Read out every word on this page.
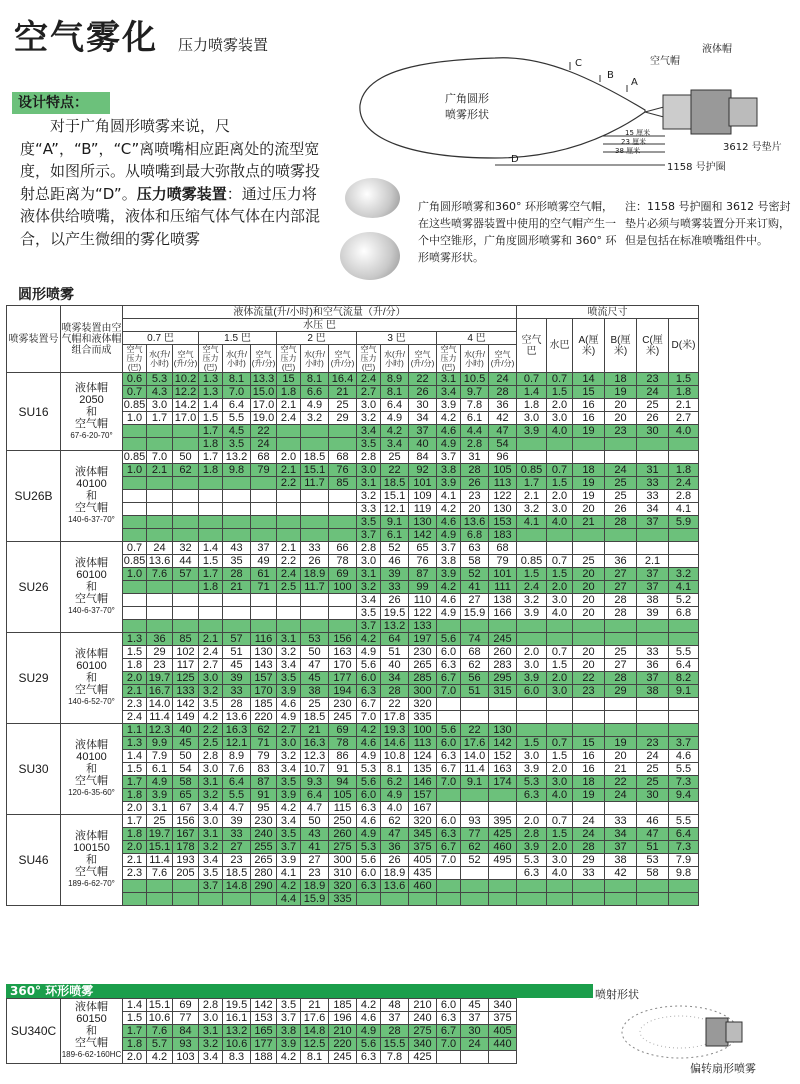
空气雾化 压力喷雾装置
设计特点：
对于广角圆形喷雾来说，尺度“A”，“B”，“C”离喷嘴相应距离处的流型宽度，如图所示。从喷嘴到最大弥散点的喷雾投射总距离为“D”。压力喷雾装置：通过压力将液体供给喷嘴，液体和压缩气体气体在内部混合，以产生微细的雾化喷雾
广角圆形
喷雾形状
C
B
A
D
15 厘米
23 厘米
38 厘米
空气帽
液体帽
3612 号垫片
1158 号护圈
广角圆形喷雾和360° 环形喷雾空气帽，在这些喷雾器装置中使用的空气帽产生一个中空锥形，广角度圆形喷雾和 360° 环形喷雾形状。
注：1158 号护圈和 3612 号密封垫片必须与喷雾装置分开来订购，但是包括在标准喷嘴组件中。
圆形喷雾
喷雾装置号	喷雾装置由空气帽和液体帽组合而成	液体流量(升/小时)和空气流量（升/分）															喷流尺寸					
		水压 巴															空气巴	水巴	A(厘米)	B(厘米)	C(厘米)	D(米)
		0.7 巴			1.5 巴			2 巴			3 巴			4 巴								
		空气压力(巴)	水(升/小时)	空气(升/分)	空气压力(巴)	水(升/小时)	空气(升/分)	空气压力(巴)	水(升/小时)	空气(升/分)	空气压力(巴)	水(升/小时)	空气(升/分)	空气压力(巴)	水(升/小时)	空气(升/分)						
SU16	液体帽
2050
和
空气帽
67-6-20-70°	0.6	5.3	10.2	1.3	8.1	13.3	15	8.1	16.4	2.4	8.9	22	3.1	10.5	24	0.7	0.7	14	18	23	1.5
		0.7	4.3	12.2	1.3	7.0	15.0	1.8	6.6	21	2.7	8.1	26	3.4	9.7	28	1.4	1.5	15	19	24	1.8
		0.85	3.0	14.2	1.4	6.4	17.0	2.1	4.9	25	3.0	6.4	30	3.9	7.8	36	1.8	2.0	16	20	25	2.1
		1.0	1.7	17.0	1.5	5.5	19.0	2.4	3.2	29	3.2	4.9	34	4.2	6.1	42	3.0	3.0	16	20	26	2.7
					1.7	4.5	22				3.4	4.2	37	4.6	4.4	47	3.9	4.0	19	23	30	4.0
					1.8	3.5	24				3.5	3.4	40	4.9	2.8	54						
SU26B	液体帽
40100
和
空气帽
140-6-37-70°	0.85	7.0	50	1.7	13.2	68	2.0	18.5	68	2.8	25	84	3.7	31	96						
		1.0	2.1	62	1.8	9.8	79	2.1	15.1	76	3.0	22	92	3.8	28	105	0.85	0.7	18	24	31	1.8
								2.2	11.7	85	3.1	18.5	101	3.9	26	113	1.7	1.5	19	25	33	2.4
											3.2	15.1	109	4.1	23	122	2.1	2.0	19	25	33	2.8
											3.3	12.1	119	4.2	20	130	3.2	3.0	20	26	34	4.1
											3.5	9.1	130	4.6	13.6	153	4.1	4.0	21	28	37	5.9
											3.7	6.1	142	4.9	6.8	183						
SU26	液体帽
60100
和
空气帽
140-6-37-70°	0.7	24	32	1.4	43	37	2.1	33	66	2.8	52	65	3.7	63	68						
		0.85	13.6	44	1.5	35	49	2.2	26	78	3.0	46	76	3.8	58	79	0.85	0.7	25	36	2.1	
		1.0	7.6	57	1.7	28	61	2.4	18.9	69	3.1	39	87	3.9	52	101	1.5	1.5	20	27	37	3.2
					1.8	21	71	2.5	11.7	100	3.2	33	99	4.2	41	111	2.4	2.0	20	27	37	4.1
											3.4	26	110	4.6	27	138	3.2	3.0	20	28	38	5.2
											3.5	19.5	122	4.9	15.9	166	3.9	4.0	20	28	39	6.8
											3.7	13.2	133									
SU29	液体帽
60100
和
空气帽
140-6-52-70°	1.3	36	85	2.1	57	116	3.1	53	156	4.2	64	197	5.6	74	245						
		1.5	29	102	2.4	51	130	3.2	50	163	4.9	51	230	6.0	68	260	2.0	0.7	20	25	33	5.5
		1.8	23	117	2.7	45	143	3.4	47	170	5.6	40	265	6.3	62	283	3.0	1.5	20	27	36	6.4
		2.0	19.7	125	3.0	39	157	3.5	45	177	6.0	34	285	6.7	56	295	3.9	2.0	22	28	37	8.2
		2.1	16.7	133	3.2	33	170	3.9	38	194	6.3	28	300	7.0	51	315	6.0	3.0	23	29	38	9.1
		2.3	14.0	142	3.5	28	185	4.6	25	230	6.7	22	320									
		2.4	11.4	149	4.2	13.6	220	4.9	18.5	245	7.0	17.8	335									
SU30	液体帽
40100
和
空气帽
120-6-35-60°	1.1	12.3	40	2.2	16.3	62	2.7	21	69	4.2	19.3	100	5.6	22	130						
		1.3	9.9	45	2.5	12.1	71	3.0	16.3	78	4.6	14.6	113	6.0	17.6	142	1.5	0.7	15	19	23	3.7
		1.4	7.9	50	2.8	8.9	79	3.2	12.3	86	4.9	10.8	124	6.3	14.0	152	3.0	1.5	16	20	24	4.6
		1.5	6.1	54	3.0	7.6	83	3.4	10.7	91	5.3	8.1	135	6.7	11.4	163	3.9	2.0	16	21	25	5.5
		1.7	4.9	58	3.1	6.4	87	3.5	9.3	94	5.6	6.2	146	7.0	9.1	174	5.3	3.0	18	22	25	7.3
		1.8	3.9	65	3.2	5.5	91	3.9	6.4	105	6.0	4.9	157				6.3	4.0	19	24	30	9.4
		2.0	3.1	67	3.4	4.7	95	4.2	4.7	115	6.3	4.0	167									
SU46	液体帽
100150
和
空气帽
189-6-62-70°	1.7	25	156	3.0	39	230	3.4	50	250	4.6	62	320	6.0	93	395	2.0	0.7	24	33	46	5.5
		1.8	19.7	167	3.1	33	240	3.5	43	260	4.9	47	345	6.3	77	425	2.8	1.5	24	34	47	6.4
		2.0	15.1	178	3.2	27	255	3.7	41	275	5.3	36	375	6.7	62	460	3.9	2.0	28	37	51	7.3
		2.1	11.4	193	3.4	23	265	3.9	27	300	5.6	26	405	7.0	52	495	5.3	3.0	29	38	53	7.9
		2.3	7.6	205	3.5	18.5	280	4.1	23	310	6.0	18.9	435				6.3	4.0	33	42	58	9.8
					3.7	14.8	290	4.2	18.9	320	6.3	13.6	460									
								4.4	15.9	335												
360° 环形喷雾
SU340C	液体帽
60150
和
空气帽
189-6-62-160HC	1.4	15.1	69	2.8	19.5	142	3.5	21	185	4.2	48	210	6.0	45	340
		1.5	10.6	77	3.0	16.1	153	3.7	17.6	196	4.6	37	240	6.3	37	375
		1.7	7.6	84	3.1	13.2	165	3.8	14.8	210	4.9	28	275	6.7	30	405
		1.8	5.7	93	3.2	10.6	177	3.9	12.5	220	5.6	15.5	340	7.0	24	440
		2.0	4.2	103	3.4	8.3	188	4.2	8.1	245	6.3	7.8	425			
喷射形状
偏转扇形喷雾
